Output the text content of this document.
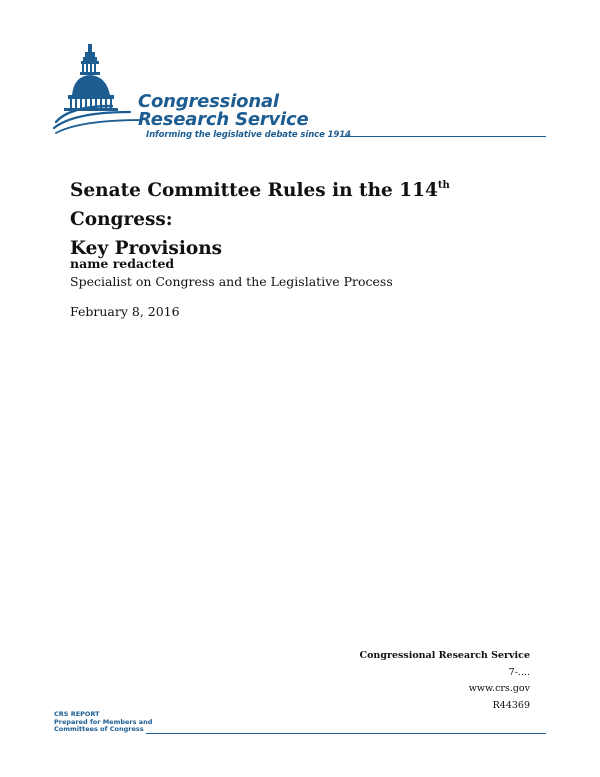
Congressional
Research Service
Informing the legislative debate since 1914
Senate Committee Rules in the 114th Congress:
Key Provisions
name redacted
Specialist on Congress and the Legislative Process
February 8, 2016
Congressional Research Service
7-....
www.crs.gov
R44369
CRS REPORT
Prepared for Members and
Committees of Congress
